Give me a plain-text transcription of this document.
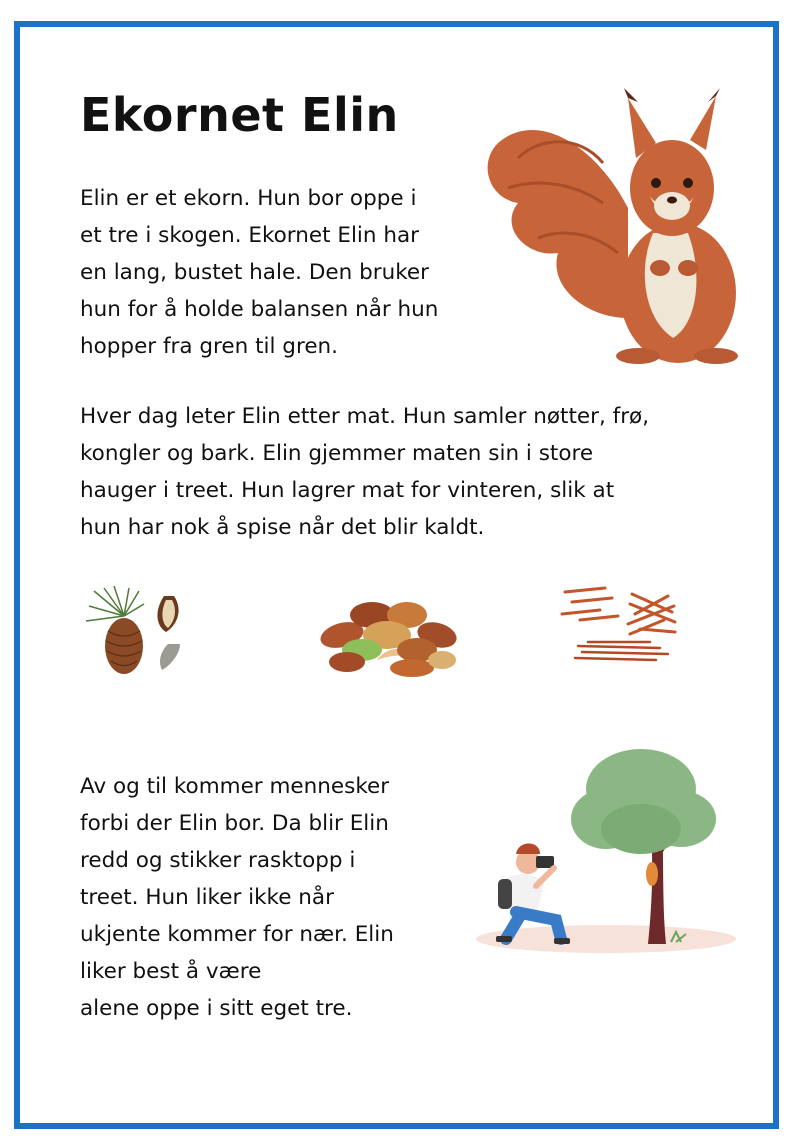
Ekornet Elin
Elin er et ekorn. Hun bor oppe i
et tre i skogen. Ekornet Elin har
en lang, bustet hale. Den bruker
hun for å holde balansen når hun
hopper fra gren til gren.
Hver dag leter Elin etter mat. Hun samler nøtter, frø,
kongler og bark. Elin gjemmer maten sin i store
hauger i treet. Hun lagrer mat for vinteren, slik at
hun har nok å spise når det blir kaldt.
Av og til kommer mennesker
forbi der Elin bor. Da blir Elin
redd og stikker rasktopp i
treet. Hun liker ikke når
ukjente kommer for nær. Elin
liker best å være
alene oppe i sitt eget tre.
